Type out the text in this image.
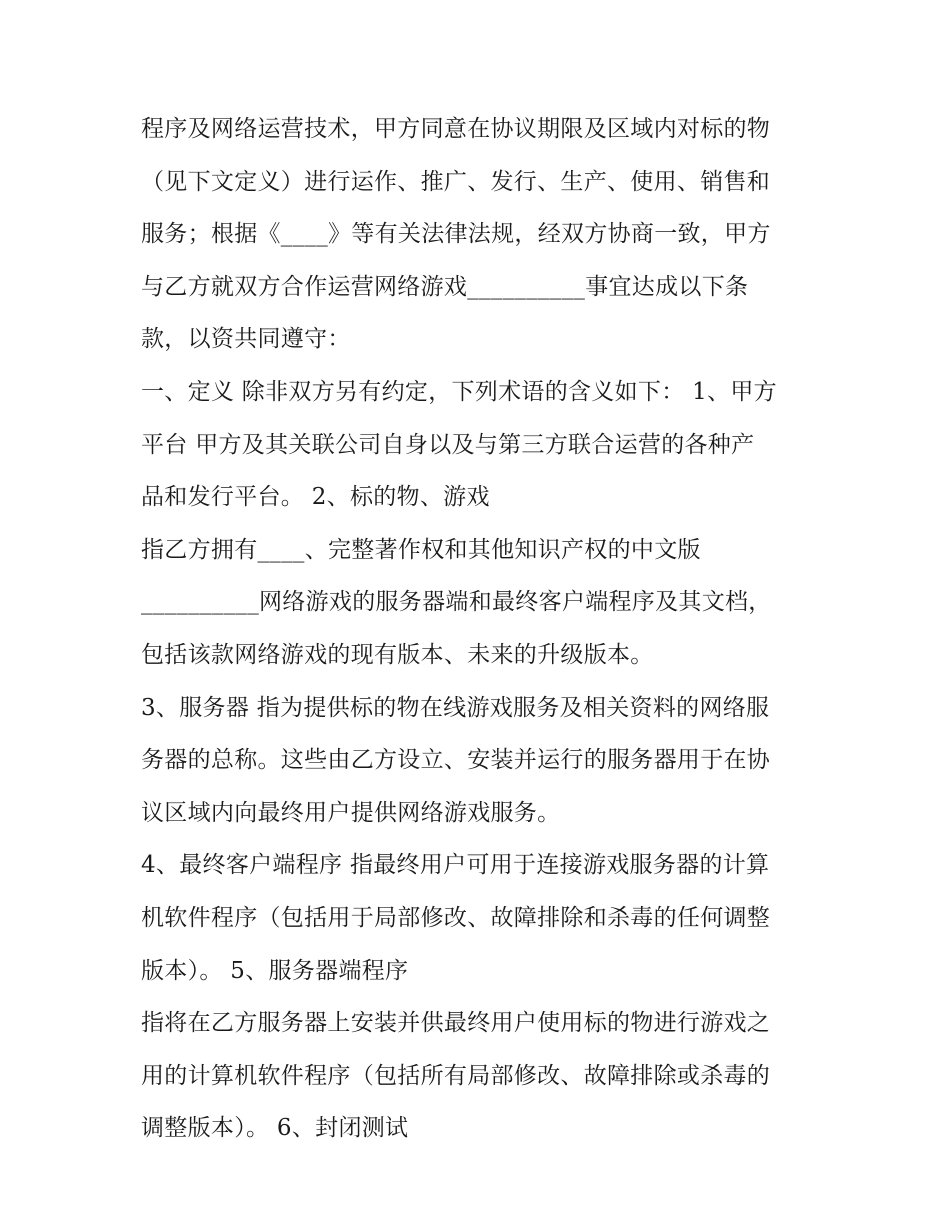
程序及网络运营技术，甲方同意在协议期限及区域内对标的物
（见下文定义）进行运作、推广、发行、生产、使用、销售和
服务；根据《____》等有关法律法规，经双方协商一致，甲方
与乙方就双方合作运营网络游戏__________事宜达成以下条
款，以资共同遵守：
一、定义 除非双方另有约定，下列术语的含义如下： 1、甲方
平台 甲方及其关联公司自身以及与第三方联合运营的各种产
品和发行平台。 2、标的物、游戏
指乙方拥有____、完整著作权和其他知识产权的中文版
__________网络游戏的服务器端和最终客户端程序及其文档，
包括该款网络游戏的现有版本、未来的升级版本。
3、服务器 指为提供标的物在线游戏服务及相关资料的网络服
务器的总称。这些由乙方设立、安装并运行的服务器用于在协
议区域内向最终用户提供网络游戏服务。
4、最终客户端程序 指最终用户可用于连接游戏服务器的计算
机软件程序（包括用于局部修改、故障排除和杀毒的任何调整
版本）。 5、服务器端程序
指将在乙方服务器上安装并供最终用户使用标的物进行游戏之
用的计算机软件程序（包括所有局部修改、故障排除或杀毒的
调整版本）。 6、封闭测试
